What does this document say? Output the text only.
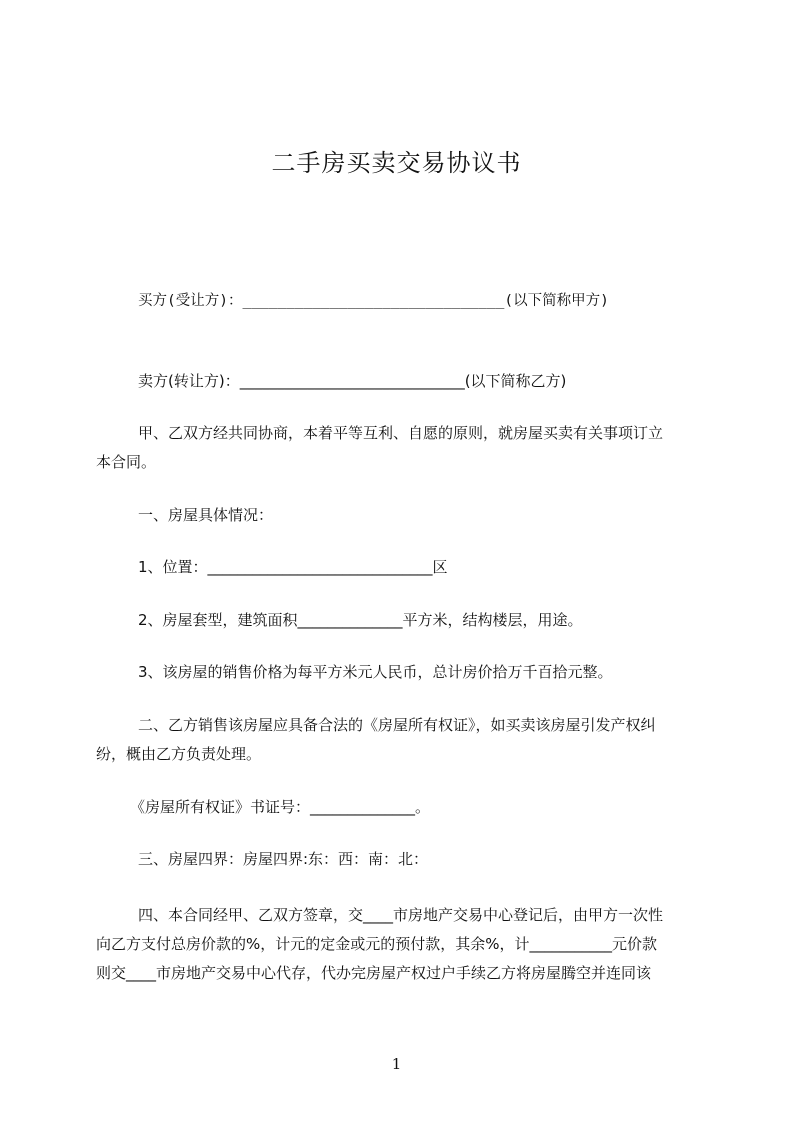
二手房买卖交易协议书
买方(受让方)：______________________________(以下简称甲方)
卖方(转让方)：______________________________(以下简称乙方)
甲、乙双方经共同协商，本着平等互利、自愿的原则，就房屋买卖有关事项订立
本合同。
一、房屋具体情况：
1、位置：______________________________区
2、房屋套型，建筑面积______________平方米，结构楼层，用途。
3、该房屋的销售价格为每平方米元人民币，总计房价拾万千百拾元整。
二、乙方销售该房屋应具备合法的《房屋所有权证》，如买卖该房屋引发产权纠
纷，概由乙方负责处理。
《房屋所有权证》书证号：______________。
三、房屋四界：房屋四界:东：西：南：北：
四、本合同经甲、乙双方签章，交____市房地产交易中心登记后，由甲方一次性
向乙方支付总房价款的%，计元的定金或元的预付款，其余%，计___________元价款
则交____市房地产交易中心代存，代办完房屋产权过户手续乙方将房屋腾空并连同该
1
